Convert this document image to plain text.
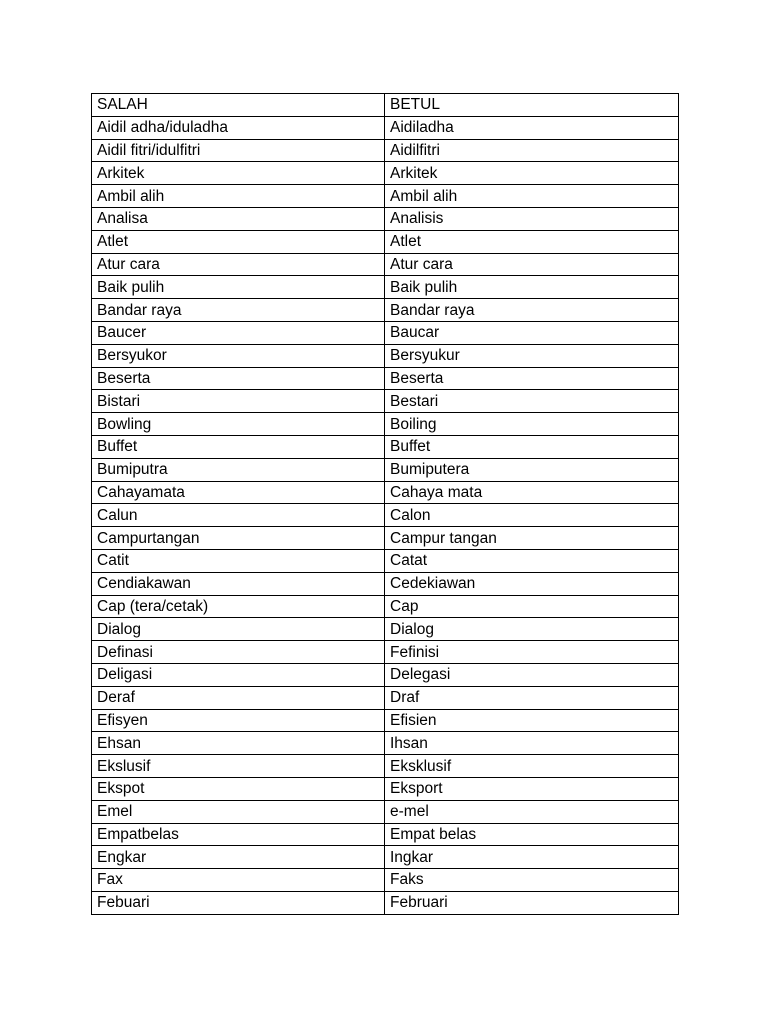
SALAH	BETUL
Aidil adha/iduladha	Aidiladha
Aidil fitri/idulfitri	Aidilfitri
Arkitek	Arkitek
Ambil alih	Ambil alih
Analisa	Analisis
Atlet	Atlet
Atur cara	Atur cara
Baik pulih	Baik pulih
Bandar raya	Bandar raya
Baucer	Baucar
Bersyukor	Bersyukur
Beserta	Beserta
Bistari	Bestari
Bowling	Boiling
Buffet	Buffet
Bumiputra	Bumiputera
Cahayamata	Cahaya mata
Calun	Calon
Campurtangan	Campur tangan
Catit	Catat
Cendiakawan	Cedekiawan
Cap (tera/cetak)	Cap
Dialog	Dialog
Definasi	Fefinisi
Deligasi	Delegasi
Deraf	Draf
Efisyen	Efisien
Ehsan	Ihsan
Ekslusif	Eksklusif
Ekspot	Eksport
Emel	e-mel
Empatbelas	Empat belas
Engkar	Ingkar
Fax	Faks
Febuari	Februari
